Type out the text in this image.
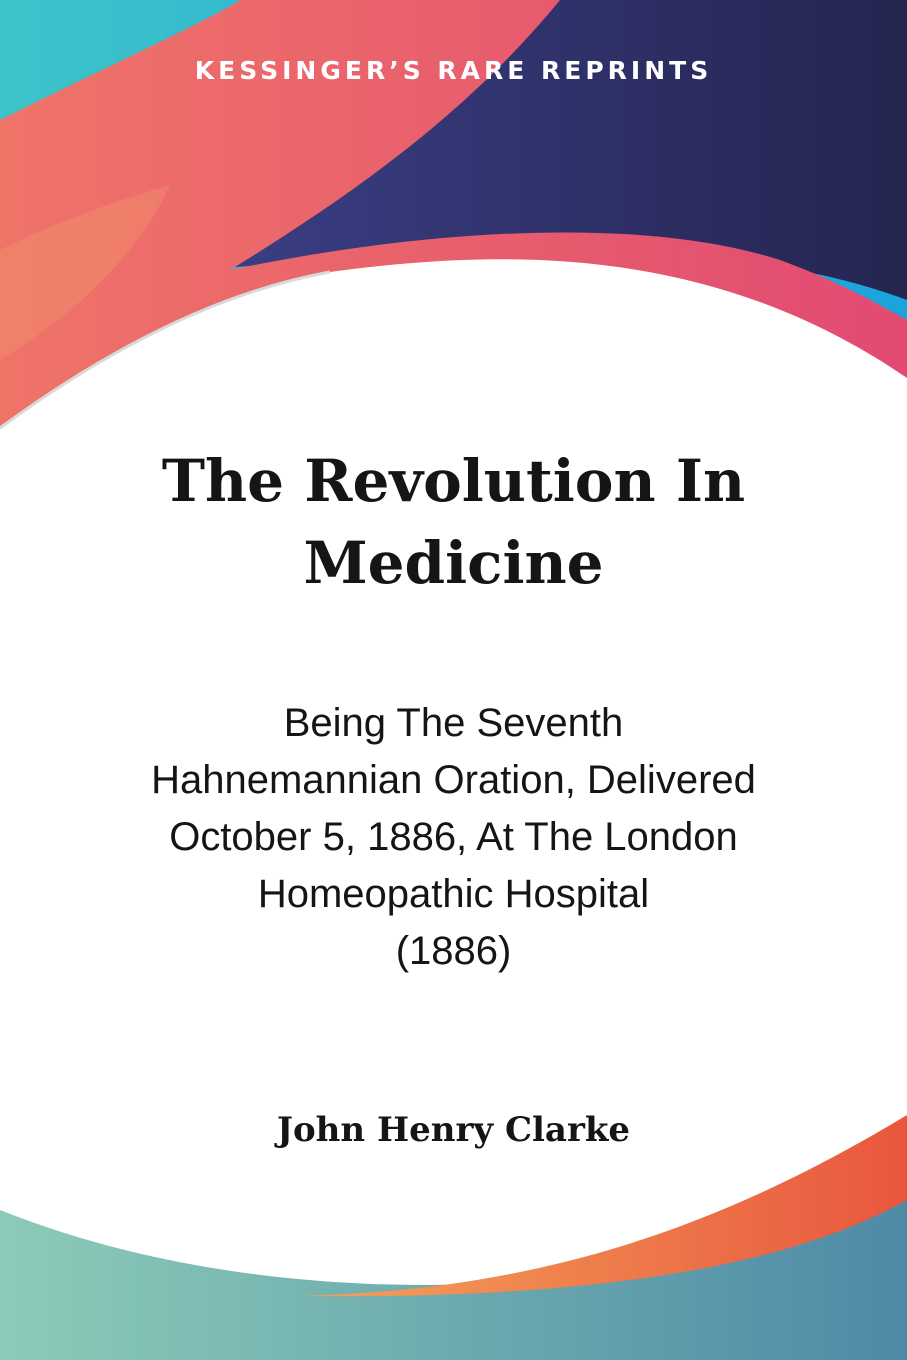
KESSINGER’S RARE REPRINTS
The Revolution In
Medicine
Being The Seventh
Hahnemannian Oration, Delivered
October 5, 1886, At The London
Homeopathic Hospital
(1886)
John Henry Clarke
